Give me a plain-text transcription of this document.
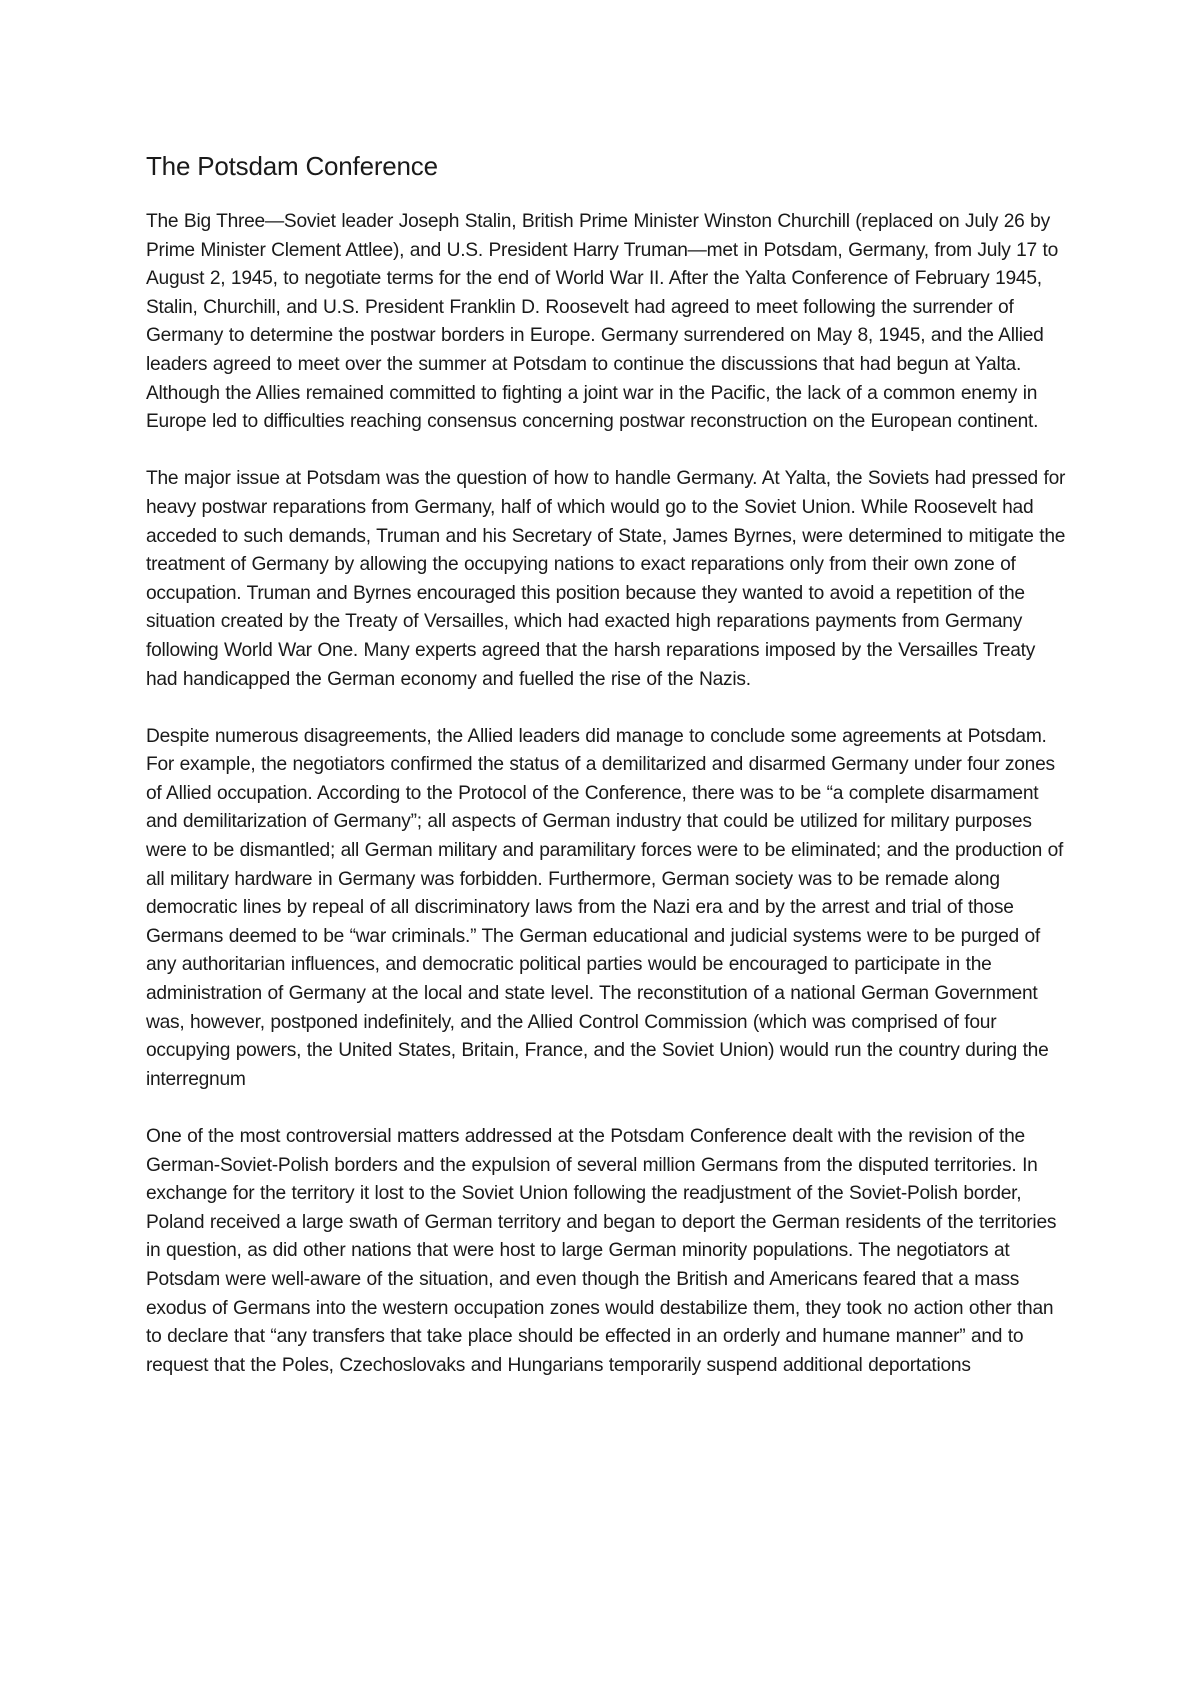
The Potsdam Conference

The Big Three—Soviet leader Joseph Stalin, British Prime Minister Winston Churchill (replaced on July 26 by Prime Minister Clement Attlee), and U.S. President Harry Truman—met in Potsdam, Germany, from July 17 to August 2, 1945, to negotiate terms for the end of World War II. After the Yalta Conference of February 1945, Stalin, Churchill, and U.S. President Franklin D. Roosevelt had agreed to meet following the surrender of Germany to determine the postwar borders in Europe. Germany surrendered on May 8, 1945, and the Allied leaders agreed to meet over the summer at Potsdam to continue the discussions that had begun at Yalta. Although the Allies remained committed to fighting a joint war in the Pacific, the lack of a common enemy in Europe led to difficulties reaching consensus concerning postwar reconstruction on the European continent.

The major issue at Potsdam was the question of how to handle Germany. At Yalta, the Soviets had pressed for heavy postwar reparations from Germany, half of which would go to the Soviet Union. While Roosevelt had acceded to such demands, Truman and his Secretary of State, James Byrnes, were determined to mitigate the treatment of Germany by allowing the occupying nations to exact reparations only from their own zone of occupation. Truman and Byrnes encouraged this position because they wanted to avoid a repetition of the situation created by the Treaty of Versailles, which had exacted high reparations payments from Germany following World War One. Many experts agreed that the harsh reparations imposed by the Versailles Treaty had handicapped the German economy and fuelled the rise of the Nazis.

Despite numerous disagreements, the Allied leaders did manage to conclude some agreements at Potsdam. For example, the negotiators confirmed the status of a demilitarized and disarmed Germany under four zones of Allied occupation. According to the Protocol of the Conference, there was to be “a complete disarmament and demilitarization of Germany”; all aspects of German industry that could be utilized for military purposes were to be dismantled; all German military and paramilitary forces were to be eliminated; and the production of all military hardware in Germany was forbidden. Furthermore, German society was to be remade along democratic lines by repeal of all discriminatory laws from the Nazi era and by the arrest and trial of those Germans deemed to be “war criminals.” The German educational and judicial systems were to be purged of any authoritarian influences, and democratic political parties would be encouraged to participate in the administration of Germany at the local and state level. The reconstitution of a national German Government was, however, postponed indefinitely, and the Allied Control Commission (which was comprised of four occupying powers, the United States, Britain, France, and the Soviet Union) would run the country during the interregnum

One of the most controversial matters addressed at the Potsdam Conference dealt with the revision of the German-Soviet-Polish borders and the expulsion of several million Germans from the disputed territories. In exchange for the territory it lost to the Soviet Union following the readjustment of the Soviet-Polish border, Poland received a large swath of German territory and began to deport the German residents of the territories in question, as did other nations that were host to large German minority populations. The negotiators at Potsdam were well-aware of the situation, and even though the British and Americans feared that a mass exodus of Germans into the western occupation zones would destabilize them, they took no action other than to declare that “any transfers that take place should be effected in an orderly and humane manner” and to request that the Poles, Czechoslovaks and Hungarians temporarily suspend additional deportations
